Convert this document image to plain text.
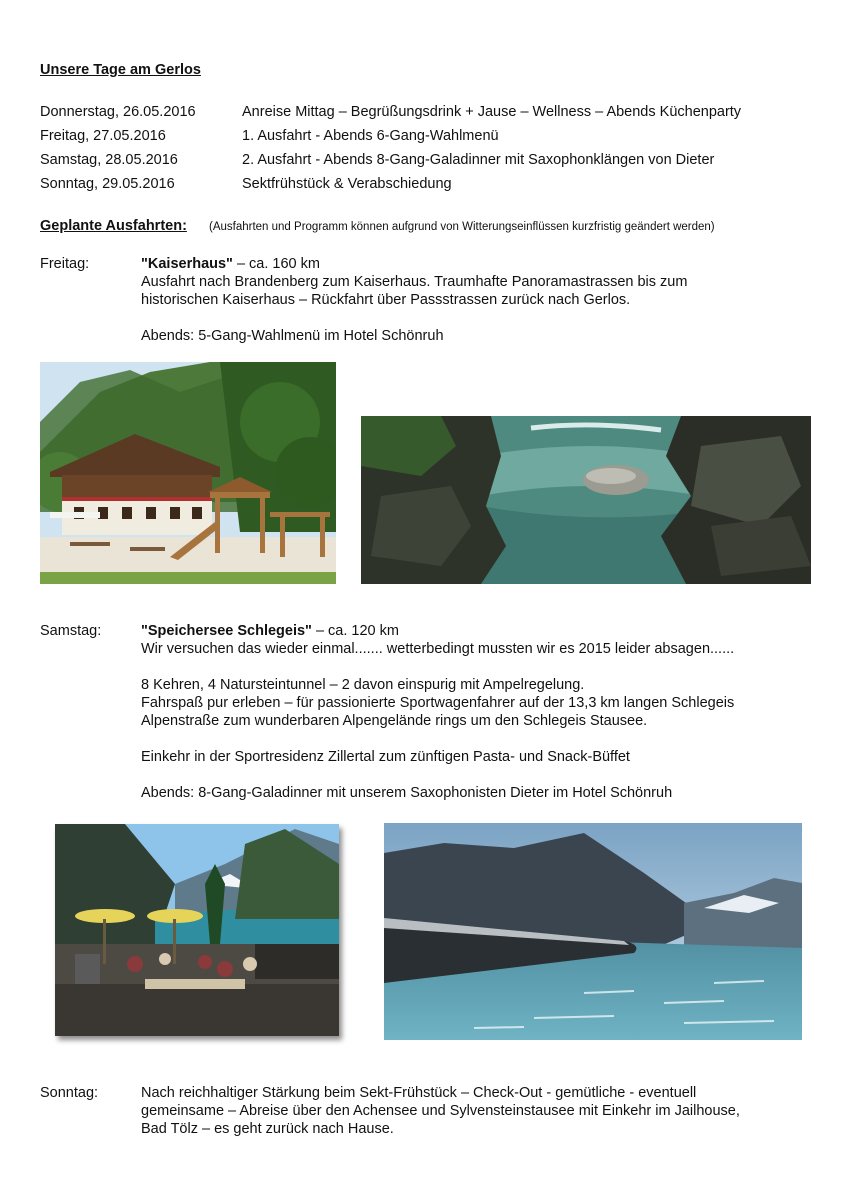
Unsere Tage am Gerlos
Donnerstag, 26.05.2016	Anreise Mittag – Begrüßungsdrink + Jause – Wellness – Abends Küchenparty
Freitag, 27.05.2016	1. Ausfahrt - Abends 6-Gang-Wahlmenü
Samstag, 28.05.2016	2. Ausfahrt - Abends 8-Gang-Galadinner mit Saxophonklängen von Dieter
Sonntag, 29.05.2016	Sektfrühstück & Verabschiedung
Geplante Ausfahrten: (Ausfahrten und Programm können aufgrund von Witterungseinflüssen kurzfristig geändert werden)
Freitag:	"Kaiserhaus" – ca. 160 km

Ausfahrt nach Brandenberg zum Kaiserhaus. Traumhafte Panoramastrassen bis zum

historischen Kaiserhaus – Rückfahrt über Passstrassen zurück nach Gerlos.

Abends: 5-Gang-Wahlmenü im Hotel Schönruh

Samstag:	"Speichersee Schlegeis" – ca. 120 km

Wir versuchen das wieder einmal....... wetterbedingt mussten wir es 2015 leider absagen......

8 Kehren, 4 Natursteintunnel – 2 davon einspurig mit Ampelregelung.

Fahrspaß pur erleben – für passionierte Sportwagenfahrer auf der 13,3 km langen Schlegeis

Alpenstraße zum wunderbaren Alpengelände rings um den Schlegeis Stausee.

Einkehr in der Sportresidenz Zillertal zum zünftigen Pasta- und Snack-Büffet

Abends: 8-Gang-Galadinner mit unserem Saxophonisten Dieter im Hotel Schönruh

Sonntag:	Nach reichhaltiger Stärkung beim Sekt-Frühstück – Check-Out - gemütliche - eventuell

gemeinsame – Abreise über den Achensee und Sylvensteinstausee mit Einkehr im Jailhouse,

Bad Tölz – es geht zurück nach Hause.
